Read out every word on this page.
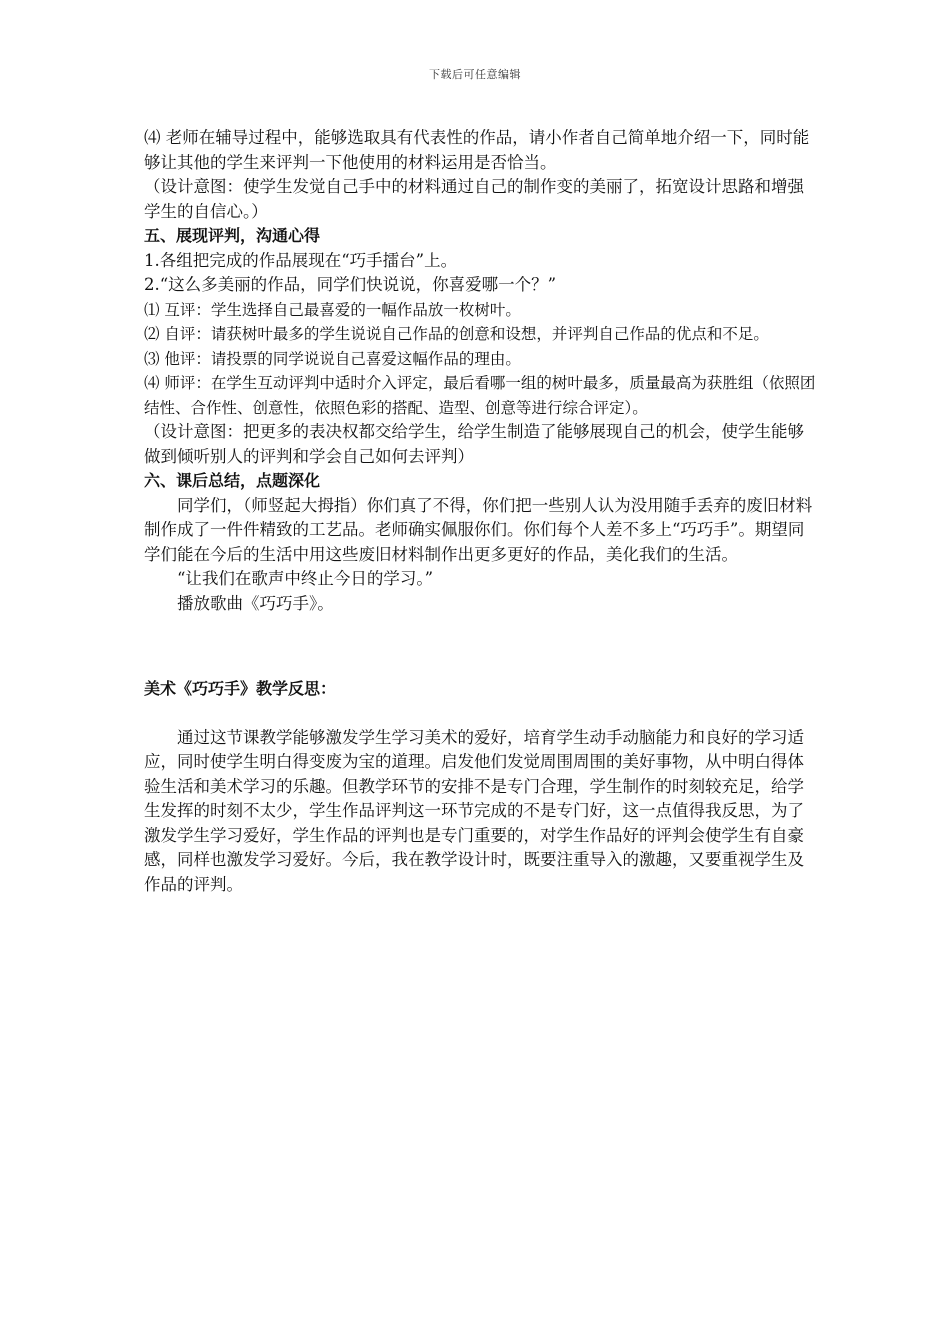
下载后可任意编辑

⑷ 老师在辅导过程中，能够选取具有代表性的作品，请小作者自己简单地介绍一下，同时能够让其他的学生来评判一下他使用的材料运用是否恰当。

（设计意图：使学生发觉自己手中的材料通过自己的制作变的美丽了，拓宽设计思路和增强学生的自信心。）

五、展现评判，沟通心得

1.各组把完成的作品展现在“巧手擂台”上。

2.“这么多美丽的作品，同学们快说说，你喜爱哪一个？”

⑴ 互评：学生选择自己最喜爱的一幅作品放一枚树叶。

⑵ 自评：请获树叶最多的学生说说自己作品的创意和设想，并评判自己作品的优点和不足。

⑶ 他评：请投票的同学说说自己喜爱这幅作品的理由。

⑷ 师评：在学生互动评判中适时介入评定，最后看哪一组的树叶最多，质量最高为获胜组（依照团结性、合作性、创意性，依照色彩的搭配、造型、创意等进行综合评定）。

（设计意图：把更多的表决权都交给学生，给学生制造了能够展现自己的机会，使学生能够做到倾听别人的评判和学会自己如何去评判）

六、课后总结，点题深化

同学们，（师竖起大拇指）你们真了不得，你们把一些别人认为没用随手丢弃的废旧材料制作成了一件件精致的工艺品。老师确实佩服你们。你们每个人差不多上“巧巧手”。期望同学们能在今后的生活中用这些废旧材料制作出更多更好的作品，美化我们的生活。

“让我们在歌声中终止今日的学习。”

播放歌曲《巧巧手》。

美术《巧巧手》教学反思：

通过这节课教学能够激发学生学习美术的爱好，培育学生动手动脑能力和良好的学习适应，同时使学生明白得变废为宝的道理。启发他们发觉周围周围的美好事物，从中明白得体验生活和美术学习的乐趣。但教学环节的安排不是专门合理，学生制作的时刻较充足，给学生发挥的时刻不太少，学生作品评判这一环节完成的不是专门好，这一点值得我反思，为了激发学生学习爱好，学生作品的评判也是专门重要的，对学生作品好的评判会使学生有自豪感，同样也激发学习爱好。今后，我在教学设计时，既要注重导入的激趣，又要重视学生及作品的评判。
